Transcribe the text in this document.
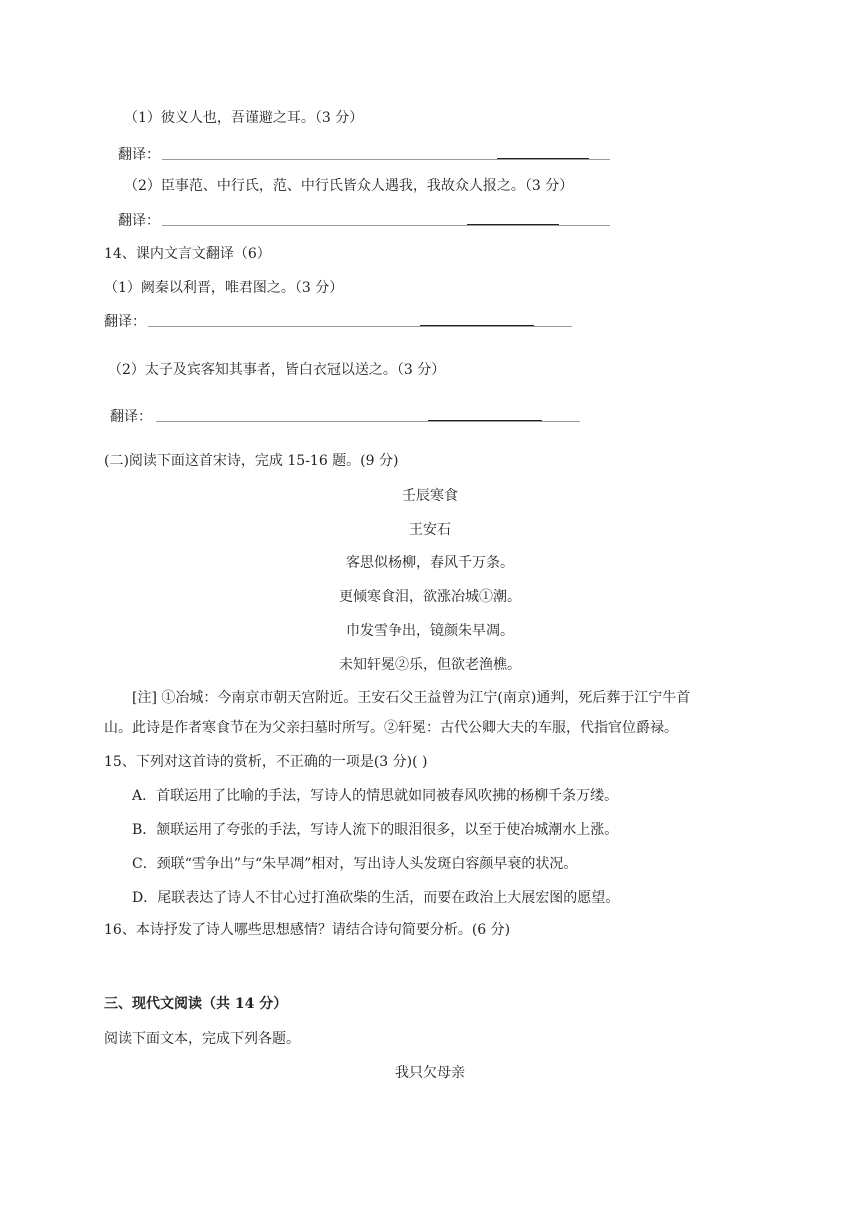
（1）彼义人也，吾谨避之耳。（3 分）
翻译：
（2）臣事范、中行氏，范、中行氏皆众人遇我，我故众人报之。（3 分）
翻译：
14、课内文言文翻译（6）
（1）阙秦以利晋，唯君图之。（3 分）
翻译：
（2）太子及宾客知其事者，皆白衣冠以送之。（3 分）
翻译：
(二)阅读下面这首宋诗，完成 15-16 题。(9 分)
壬辰寒食
王安石
客思似杨柳，春风千万条。
更倾寒食泪，欲涨冶城①潮。
巾发雪争出，镜颜朱早凋。
未知轩冕②乐，但欲老渔樵。
[注] ①冶城：今南京市朝天宫附近。王安石父王益曾为江宁(南京)通判，死后葬于江宁牛首
山。此诗是作者寒食节在为父亲扫墓时所写。②轩冕：古代公卿大夫的车服，代指官位爵禄。
15、下列对这首诗的赏析，不正确的一项是(3 分)( )
A．首联运用了比喻的手法，写诗人的情思就如同被春风吹拂的杨柳千条万缕。
B．颔联运用了夸张的手法，写诗人流下的眼泪很多，以至于使冶城潮水上涨。
C．颈联“雪争出”与“朱早凋”相对，写出诗人头发斑白容颜早衰的状况。
D．尾联表达了诗人不甘心过打渔砍柴的生活，而要在政治上大展宏图的愿望。
16、本诗抒发了诗人哪些思想感情？请结合诗句简要分析。(6 分)
三、现代文阅读（共 14 分）
阅读下面文本，完成下列各题。
我只欠母亲
